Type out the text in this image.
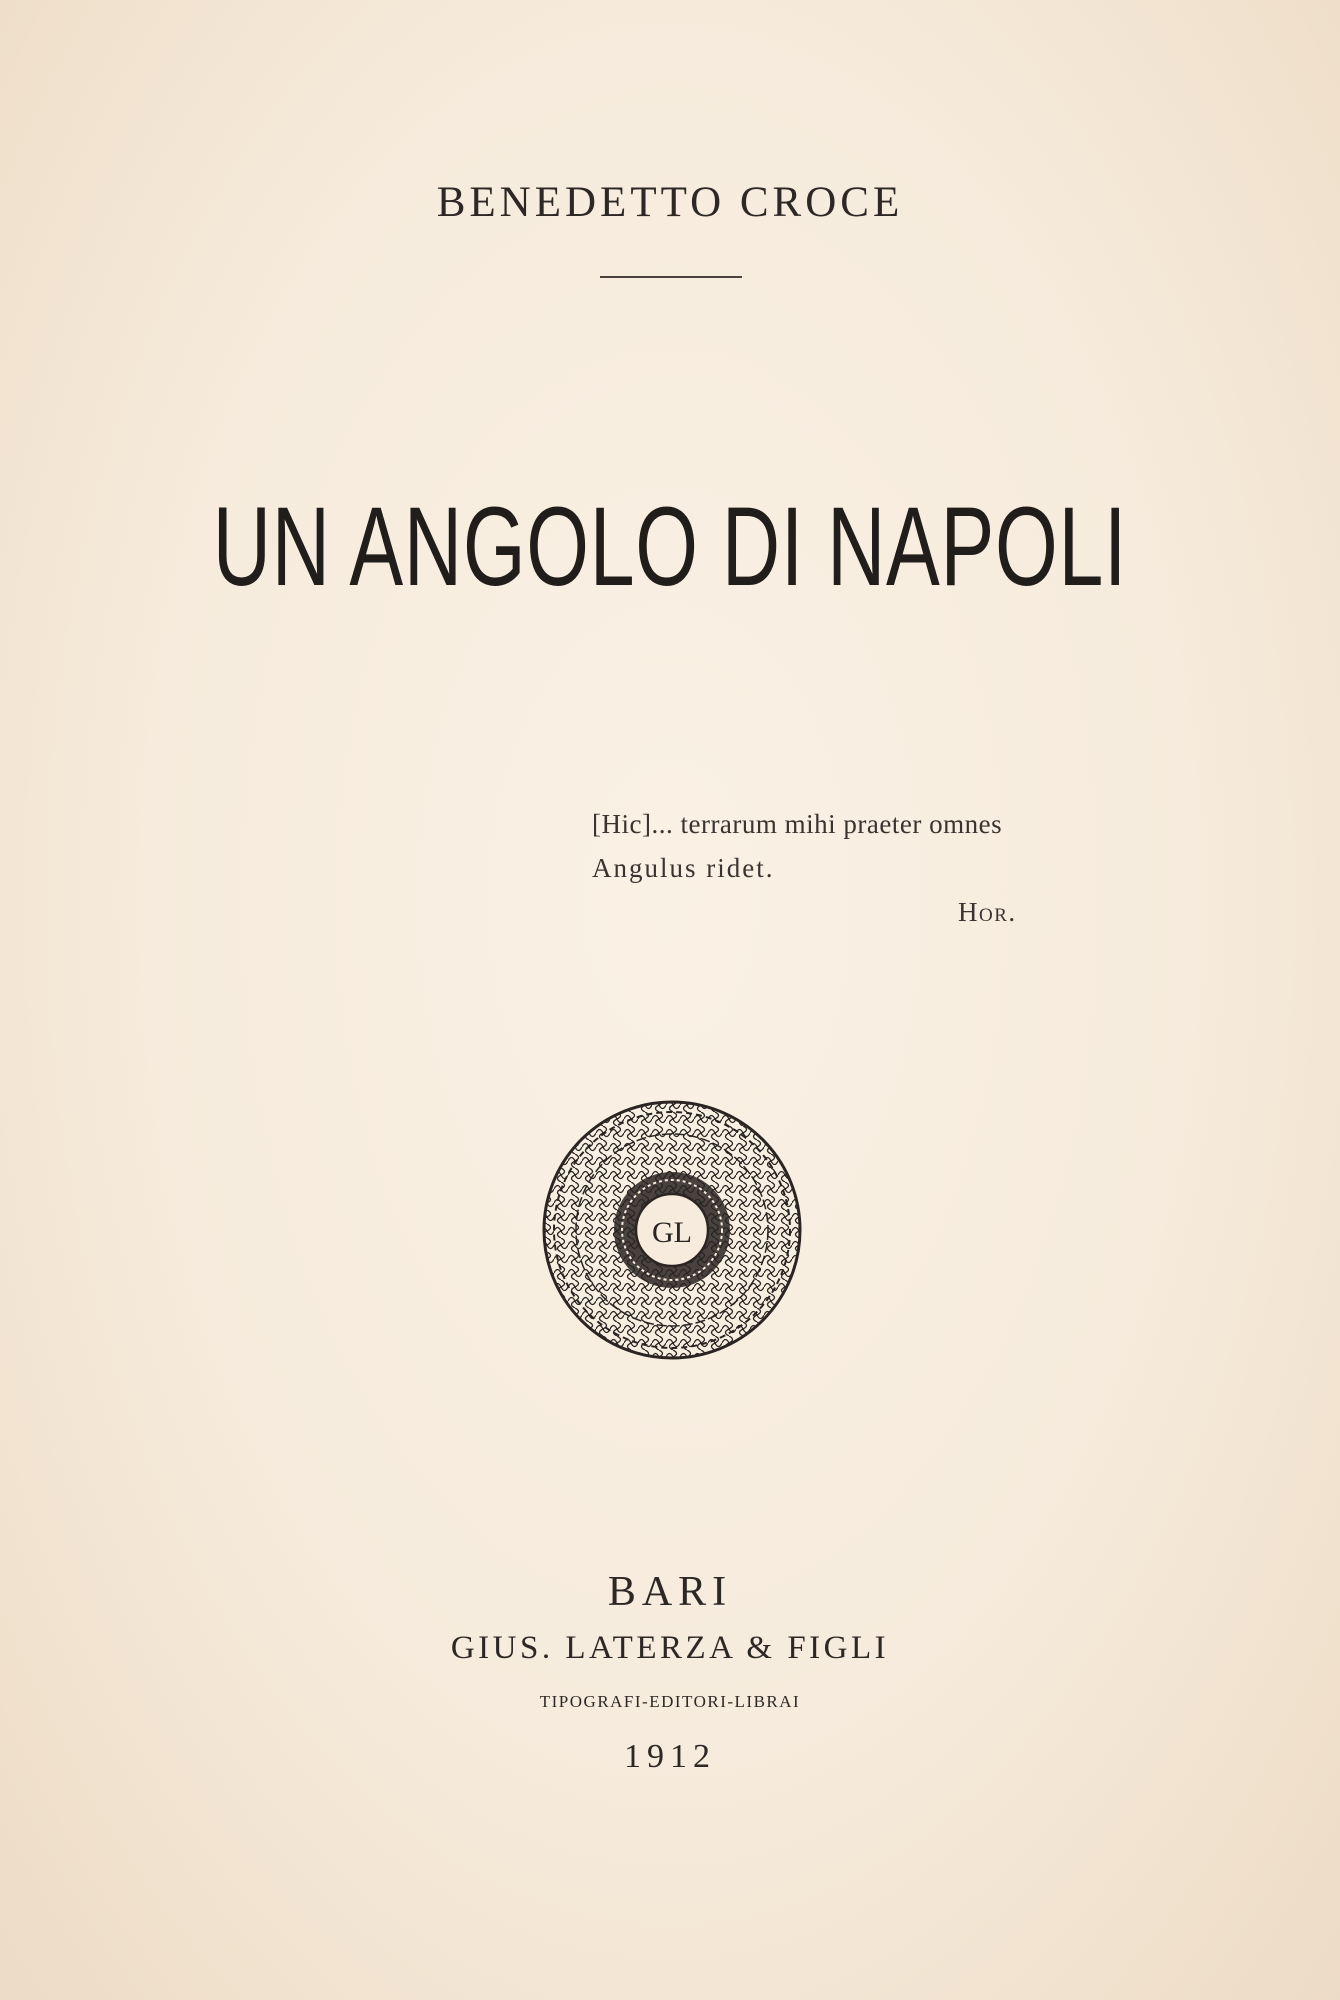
BENEDETTO CROCE
UN ANGOLO DI NAPOLI
[Hic]... terrarum mihi praeter omnes
Angulus ridet.
Hor.
GL
BARI
GIUS. LATERZA & FIGLI
TIPOGRAFI-EDITORI-LIBRAI
1912
